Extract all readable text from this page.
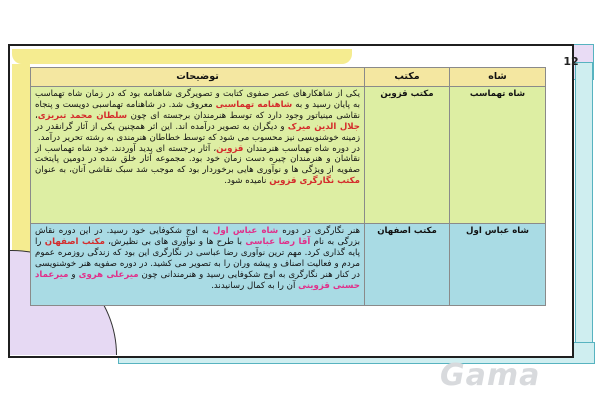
12
شاه	مکتب	توضیحات
شاه تهماسب	مکتب قزوین	یکی از شاهکارهای عصر صفوی کتابت و تصویرگری شاهنامه بود که در زمان شاه تهماسب به پایان رسید و به شاهنامه تهماسبی معروف شد. در شاهنامه تهماسبی دویست و پنجاه نقاشی مینیاتور وجود دارد که توسط هنرمندان برجسته ای چون سلطان محمد تبریزی، جلال الدین میرک و دیگران به تصویر درآمده اند. این اثر همچنین یکی از آثار گرانقدر در زمینه خوشنویسی نیز محسوب می شود که توسط خطاطان هنرمندی به رشته تحریر درآمد.
در دوره شاه تهماسب هنرمندان قزوین، آثار برجسته ای پدید آوردند. خود شاه تهماسب از نقاشان و هنرمندان چیره دست زمان خود بود. مجموعه آثار خلق شده در دومین پایتخت صفویه از ویژگی ها و نوآوری هایی برخوردار بود که موجب شد سبک نقاشی آنان، به عنوان مکتب نگارگری قزوین نامیده شود.

شاه عباس اول	مکتب اصفهان	هنر نگارگری در دوره شاه عباس اول به اوج شکوفایی خود رسید. در این دوره نقاش بزرگی به نام آقا رضا عباسی با طرح ها و نوآوری های بی نظیرش، مکتب اصفهان را پایه گذاری کرد. مهم ترین نوآوری رضا عباسی در نگارگری این بود که زندگی روزمره عموم مردم و فعالیت اصناف و پیشه وران را به تصویر می کشید. در دوره صفویه هنر خوشنویسی در کنار هنر نگارگری به اوج شکوفایی رسید و هنرمندانی چون میرعلی هروی و میرعماد حسنی قزوینی آن را به کمال رسانیدند.
Gama
